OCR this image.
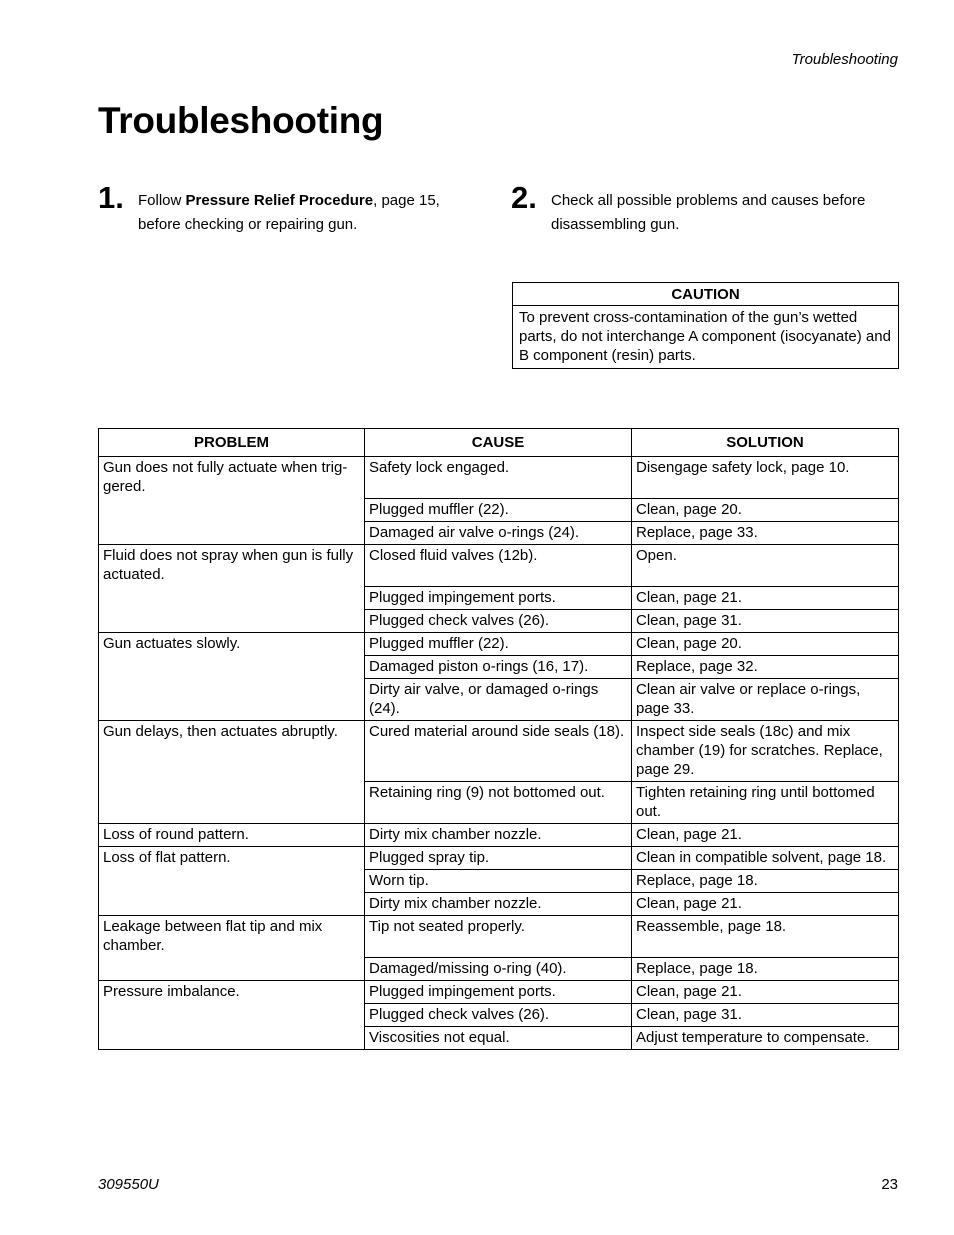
Troubleshooting
Troubleshooting
1. Follow Pressure Relief Procedure, page 15, before checking or repairing gun.
2. Check all possible problems and causes before disassembling gun.
CAUTION
To prevent cross-contamination of the gun’s wetted parts, do not interchange A component (isocyanate) and B component (resin) parts.
PROBLEM	CAUSE	SOLUTION
Gun does not fully actuate when trig-gered.	Safety lock engaged.	Disengage safety lock, page 10.
	Plugged muffler (22).	Clean, page 20.
	Damaged air valve o-rings (24).	Replace, page 33.
Fluid does not spray when gun is fully actuated.	Closed fluid valves (12b).	Open.
	Plugged impingement ports.	Clean, page 21.
	Plugged check valves (26).	Clean, page 31.
Gun actuates slowly.	Plugged muffler (22).	Clean, page 20.
	Damaged piston o-rings (16, 17).	Replace, page 32.
	Dirty air valve, or damaged o-rings (24).	Clean air valve or replace o-rings, page 33.
Gun delays, then actuates abruptly.	Cured material around side seals (18).	Inspect side seals (18c) and mix chamber (19) for scratches. Replace, page 29.
	Retaining ring (9) not bottomed out.	Tighten retaining ring until bottomed out.
Loss of round pattern.	Dirty mix chamber nozzle.	Clean, page 21.
Loss of flat pattern.	Plugged spray tip.	Clean in compatible solvent, page 18.
	Worn tip.	Replace, page 18.
	Dirty mix chamber nozzle.	Clean, page 21.
Leakage between flat tip and mix chamber.	Tip not seated properly.	Reassemble, page 18.
	Damaged/missing o-ring (40).	Replace, page 18.
Pressure imbalance.	Plugged impingement ports.	Clean, page 21.
	Plugged check valves (26).	Clean, page 31.
	Viscosities not equal.	Adjust temperature to compensate.
309550U	23
